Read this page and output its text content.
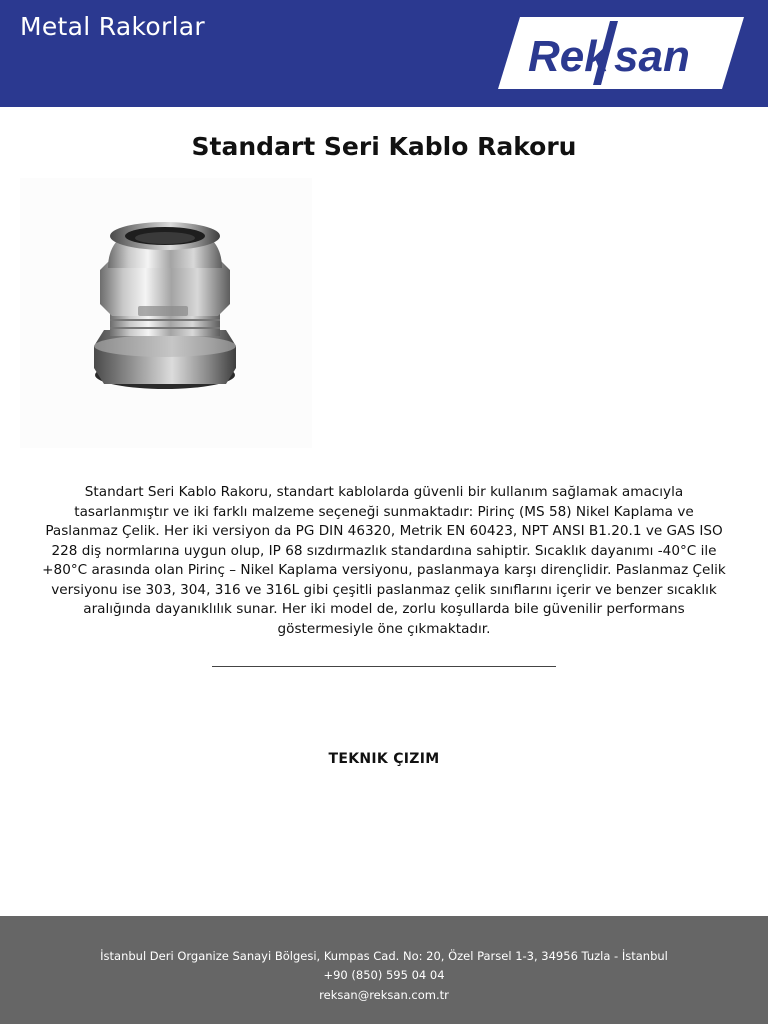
Metal Rakorlar
Rek san
Standart Seri Kablo Rakoru

Standart Seri Kablo Rakoru, standart kablolarda güvenli bir kullanım sağlamak amacıyla tasarlanmıştır ve iki farklı malzeme seçeneği sunmaktadır: Pirinç (MS 58) Nikel Kaplama ve Paslanmaz Çelik. Her iki versiyon da PG DIN 46320, Metrik EN 60423, NPT ANSI B1.20.1 ve GAS ISO 228 diş normlarına uygun olup, IP 68 sızdırmazlık standardına sahiptir. Sıcaklık dayanımı -40°C ile +80°C arasında olan Pirinç – Nikel Kaplama versiyonu, paslanmaya karşı dirençlidir. Paslanmaz Çelik versiyonu ise 303, 304, 316 ve 316L gibi çeşitli paslanmaz çelik sınıflarını içerir ve benzer sıcaklık aralığında dayanıklılık sunar. Her iki model de, zorlu koşullarda bile güvenilir performans göstermesiyle öne çıkmaktadır.

TEKNIK ÇIZIM
İstanbul Deri Organize Sanayi Bölgesi, Kumpas Cad. No: 20, Özel Parsel 1-3, 34956 Tuzla - İstanbul
+90 (850) 595 04 04
reksan@reksan.com.tr
